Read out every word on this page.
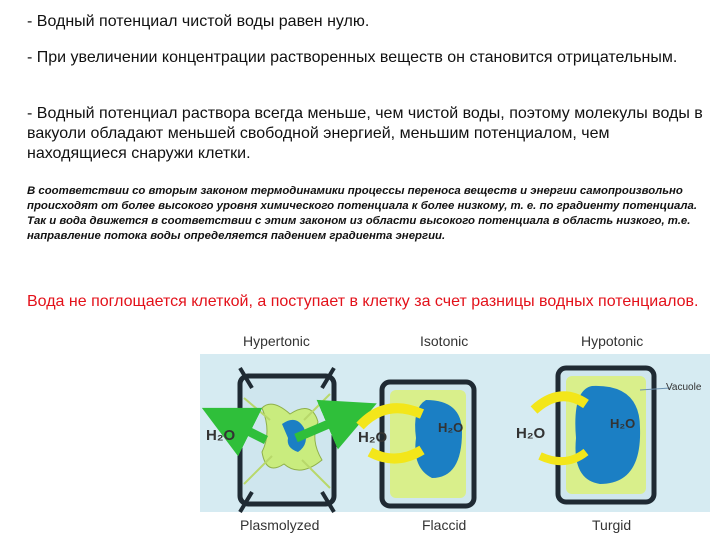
- Водный потенциал чистой воды равен нулю.

- При увеличении концентрации растворенных веществ он становится отрицательным.

- Водный потенциал раствора всегда меньше, чем чистой воды, поэтому молекулы воды в вакуоли обладают меньшей свободной энергией, меньшим потенциалом, чем находящиеся снаружи клетки.

В соответствии со вторым законом термодинамики процессы переноса веществ и энергии самопроизвольно происходят от более высокого уровня химического потенциала к более низкому, т. е. по градиенту потенциала. Так и вода движется в соответствии с этим законом из области высокого потенциала в область низкого, т.е. направление потока воды определяется падением градиента энергии.

Вода не поглощается клеткой, а поступает в клетку за счет разницы водных потенциалов.

Hypertonic	Isotonic	Hypotonic
H₂O	H₂O
H₂O
H₂O
H₂O
Vacuole
Plasmolyzed	Flaccid	Turgid
